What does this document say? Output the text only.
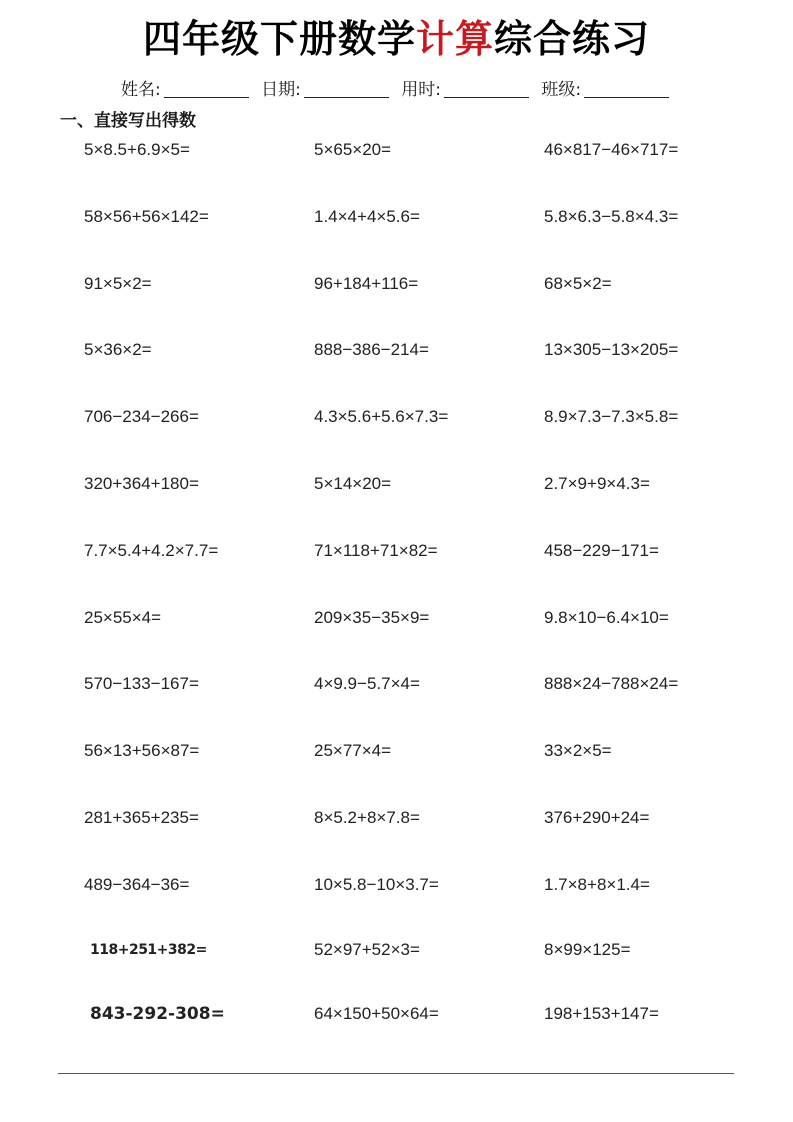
四年级下册数学计算综合练习
姓名:	日期:	用时:	班级:
一、直接写出得数
5×8.5+6.9×5=	5×65×20=	46×817−46×717=
58×56+56×142=	1.4×4+4×5.6=	5.8×6.3−5.8×4.3=
91×5×2=	96+184+116=	68×5×2=
5×36×2=	888−386−214=	13×305−13×205=
706−234−266=	4.3×5.6+5.6×7.3=	8.9×7.3−7.3×5.8=
320+364+180=	5×14×20=	2.7×9+9×4.3=
7.7×5.4+4.2×7.7=	71×118+71×82=	458−229−171=
25×55×4=	209×35−35×9=	9.8×10−6.4×10=
570−133−167=	4×9.9−5.7×4=	888×24−788×24=
56×13+56×87=	25×77×4=	33×2×5=
281+365+235=	8×5.2+8×7.8=	376+290+24=
489−364−36=	10×5.8−10×3.7=	1.7×8+8×1.4=
118+251+382=	52×97+52×3=	8×99×125=
843-292-308=	64×150+50×64=	198+153+147=
